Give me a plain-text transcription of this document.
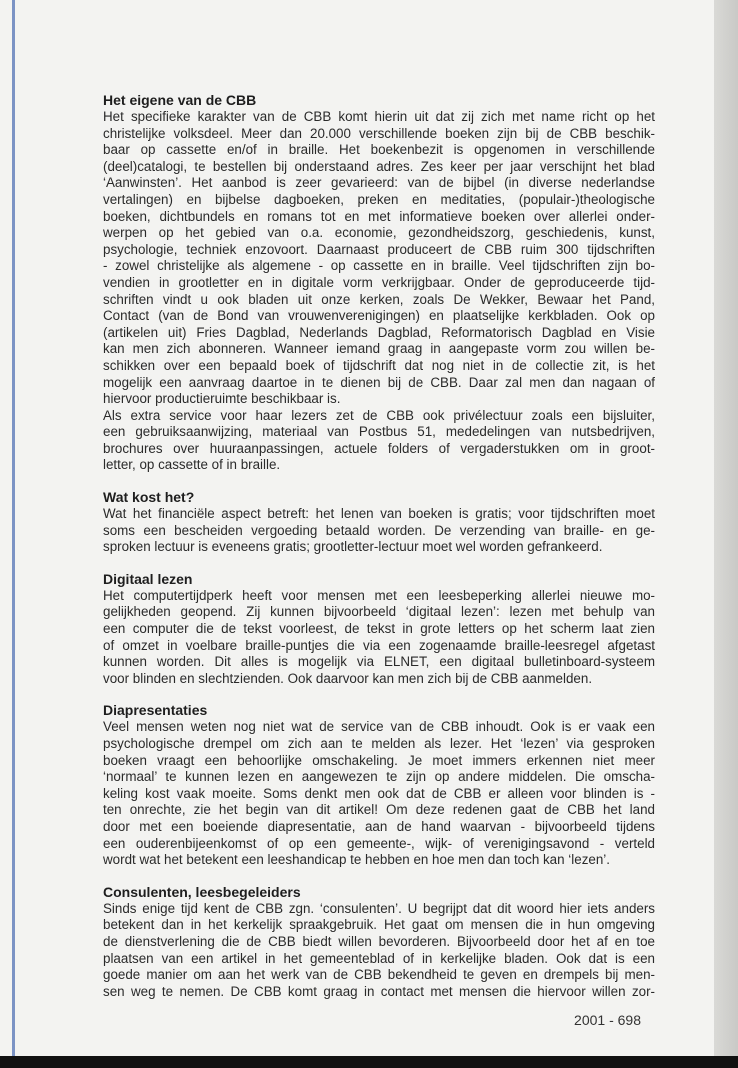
Het eigene van de CBB
Het specifieke karakter van de CBB komt hierin uit dat zij zich met name richt op het
christelijke volksdeel. Meer dan 20.000 verschillende boeken zijn bij de CBB beschik-
baar op cassette en/of in braille. Het boekenbezit is opgenomen in verschillende
(deel)catalogi, te bestellen bij onderstaand adres. Zes keer per jaar verschijnt het blad
‘Aanwinsten’. Het aanbod is zeer gevarieerd: van de bijbel (in diverse nederlandse
vertalingen) en bijbelse dagboeken, preken en meditaties, (populair-)theologische
boeken, dichtbundels en romans tot en met informatieve boeken over allerlei onder-
werpen op het gebied van o.a. economie, gezondheidszorg, geschiedenis, kunst,
psychologie, techniek enzovoort. Daarnaast produceert de CBB ruim 300 tijdschriften
- zowel christelijke als algemene - op cassette en in braille. Veel tijdschriften zijn bo-
vendien in grootletter en in digitale vorm verkrijgbaar. Onder de geproduceerde tijd-
schriften vindt u ook bladen uit onze kerken, zoals De Wekker, Bewaar het Pand,
Contact (van de Bond van vrouwenverenigingen) en plaatselijke kerkbladen. Ook op
(artikelen uit) Fries Dagblad, Nederlands Dagblad, Reformatorisch Dagblad en Visie
kan men zich abonneren. Wanneer iemand graag in aangepaste vorm zou willen be-
schikken over een bepaald boek of tijdschrift dat nog niet in de collectie zit, is het
mogelijk een aanvraag daartoe in te dienen bij de CBB. Daar zal men dan nagaan of
hiervoor productieruimte beschikbaar is.
Als extra service voor haar lezers zet de CBB ook privélectuur zoals een bijsluiter,
een gebruiksaanwijzing, materiaal van Postbus 51, mededelingen van nutsbedrijven,
brochures over huuraanpassingen, actuele folders of vergaderstukken om in groot-
letter, op cassette of in braille.
Wat kost het?
Wat het financiële aspect betreft: het lenen van boeken is gratis; voor tijdschriften moet
soms een bescheiden vergoeding betaald worden. De verzending van braille- en ge-
sproken lectuur is eveneens gratis; grootletter-lectuur moet wel worden gefrankeerd.
Digitaal lezen
Het computertijdperk heeft voor mensen met een leesbeperking allerlei nieuwe mo-
gelijkheden geopend. Zij kunnen bijvoorbeeld ‘digitaal lezen’: lezen met behulp van
een computer die de tekst voorleest, de tekst in grote letters op het scherm laat zien
of omzet in voelbare braille-puntjes die via een zogenaamde braille-leesregel afgetast
kunnen worden. Dit alles is mogelijk via ELNET, een digitaal bulletinboard-systeem
voor blinden en slechtzienden. Ook daarvoor kan men zich bij de CBB aanmelden.
Diapresentaties
Veel mensen weten nog niet wat de service van de CBB inhoudt. Ook is er vaak een
psychologische drempel om zich aan te melden als lezer. Het ‘lezen’ via gesproken
boeken vraagt een behoorlijke omschakeling. Je moet immers erkennen niet meer
‘normaal’ te kunnen lezen en aangewezen te zijn op andere middelen. Die omscha-
keling kost vaak moeite. Soms denkt men ook dat de CBB er alleen voor blinden is -
ten onrechte, zie het begin van dit artikel! Om deze redenen gaat de CBB het land
door met een boeiende diapresentatie, aan de hand waarvan - bijvoorbeeld tijdens
een ouderenbijeenkomst of op een gemeente-, wijk- of verenigingsavond - verteld
wordt wat het betekent een leeshandicap te hebben en hoe men dan toch kan ‘lezen’.
Consulenten, leesbegeleiders
Sinds enige tijd kent de CBB zgn. ‘consulenten’. U begrijpt dat dit woord hier iets anders
betekent dan in het kerkelijk spraakgebruik. Het gaat om mensen die in hun omgeving
de dienstverlening die de CBB biedt willen bevorderen. Bijvoorbeeld door het af en toe
plaatsen van een artikel in het gemeenteblad of in kerkelijke bladen. Ook dat is een
goede manier om aan het werk van de CBB bekendheid te geven en drempels bij men-
sen weg te nemen. De CBB komt graag in contact met mensen die hiervoor willen zor-
2001 - 698
